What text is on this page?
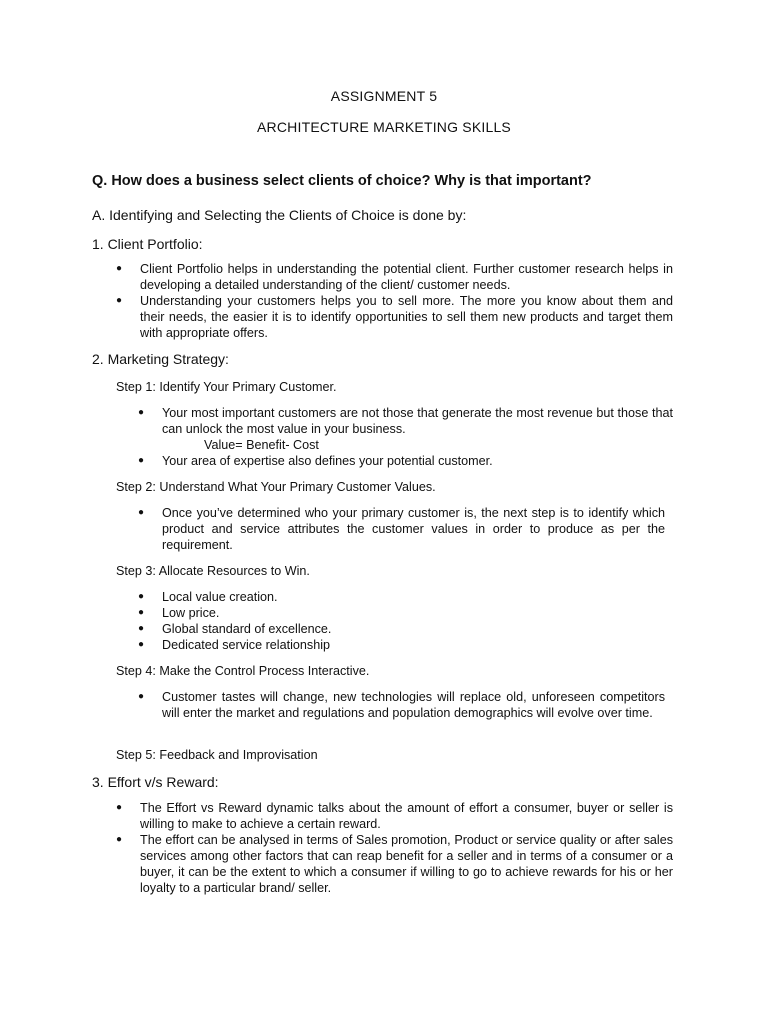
ASSIGNMENT 5
ARCHITECTURE MARKETING SKILLS
Q. How does a business select clients of choice? Why is that important?
A. Identifying and Selecting the Clients of Choice is done by:
1. Client Portfolio:
●	Client Portfolio helps in understanding the potential client. Further customer research helps in developing a detailed understanding of the client/ customer needs.
●	Understanding your customers helps you to sell more. The more you know about them and their needs, the easier it is to identify opportunities to sell them new products and target them with appropriate offers.
2. Marketing Strategy:
Step 1: Identify Your Primary Customer.
●	Your most important customers are not those that generate the most revenue but those that can unlock the most value in your business.
Value= Benefit- Cost
●	Your area of expertise also defines your potential customer.
Step 2: Understand What Your Primary Customer Values.
●	Once you’ve determined who your primary customer is, the next step is to identify which product and service attributes the customer values in order to produce as per the requirement.
Step 3: Allocate Resources to Win.
●	Local value creation.
●	Low price.
●	Global standard of excellence.
●	Dedicated service relationship
Step 4: Make the Control Process Interactive.
●	Customer tastes will change, new technologies will replace old, unforeseen competitors will enter the market and regulations and population demographics will evolve over time.
Step 5: Feedback and Improvisation
3. Effort v/s Reward:
●	The Effort vs Reward dynamic talks about the amount of effort a consumer, buyer or seller is willing to make to achieve a certain reward.
●	The effort can be analysed in terms of Sales promotion, Product or service quality or after sales services among other factors that can reap benefit for a seller and in terms of a consumer or a buyer, it can be the extent to which a consumer if willing to go to achieve rewards for his or her loyalty to a particular brand/ seller.
